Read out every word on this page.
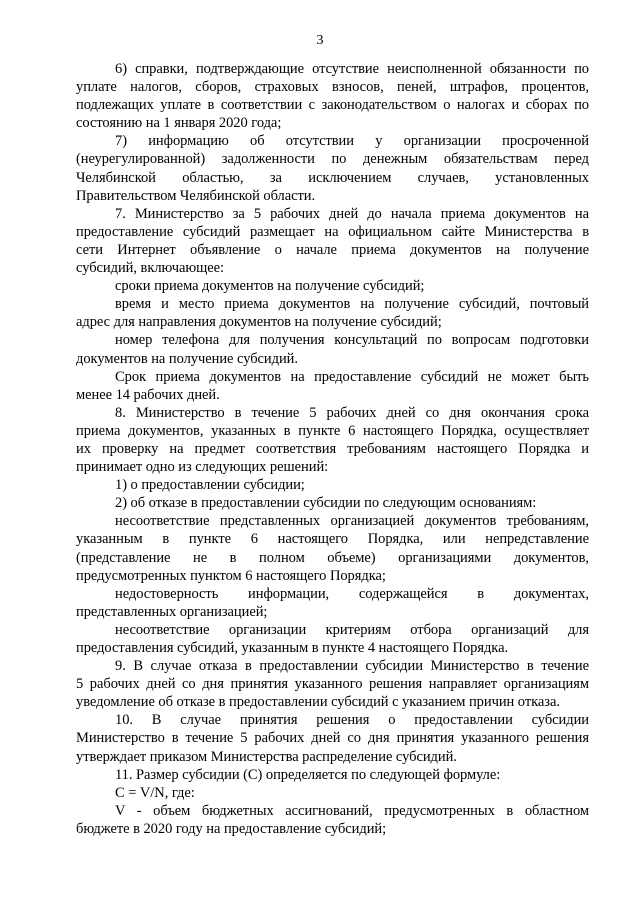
3
6) справки, подтверждающие отсутствие неисполненной обязанности по
уплате налогов, сборов, страховых взносов, пеней, штрафов, процентов,
подлежащих уплате в соответствии с законодательством о налогах и сборах по
состоянию на 1 января 2020 года;
7) информацию об отсутствии у организации просроченной
(неурегулированной) задолженности по денежным обязательствам перед
Челябинской областью, за исключением случаев, установленных
Правительством Челябинской области.
7. Министерство за 5 рабочих дней до начала приема документов на
предоставление субсидий размещает на официальном сайте Министерства в
сети Интернет объявление о начале приема документов на получение
субсидий, включающее:
сроки приема документов на получение субсидий;
время и место приема документов на получение субсидий, почтовый
адрес для направления документов на получение субсидий;
номер телефона для получения консультаций по вопросам подготовки
документов на получение субсидий.
Срок приема документов на предоставление субсидий не может быть
менее 14 рабочих дней.
8. Министерство в течение 5 рабочих дней со дня окончания срока
приема документов, указанных в пункте 6 настоящего Порядка, осуществляет
их проверку на предмет соответствия требованиям настоящего Порядка и
принимает одно из следующих решений:
1) о предоставлении субсидии;
2) об отказе в предоставлении субсидии по следующим основаниям:
несоответствие представленных организацией документов требованиям,
указанным в пункте 6 настоящего Порядка, или непредставление
(представление не в полном объеме) организациями документов,
предусмотренных пунктом 6 настоящего Порядка;
недостоверность информации, содержащейся в документах,
представленных организацией;
несоответствие организации критериям отбора организаций для
предоставления субсидий, указанным в пункте 4 настоящего Порядка.
9. В случае отказа в предоставлении субсидии Министерство в течение
5 рабочих дней со дня принятия указанного решения направляет организациям
уведомление об отказе в предоставлении субсидий с указанием причин отказа.
10. В случае принятия решения о предоставлении субсидии
Министерство в течение 5 рабочих дней со дня принятия указанного решения
утверждает приказом Министерства распределение субсидий.
11. Размер субсидии (С) определяется по следующей формуле:
С = V/N, где:
V - объем бюджетных ассигнований, предусмотренных в областном
бюджете в 2020 году на предоставление субсидий;
